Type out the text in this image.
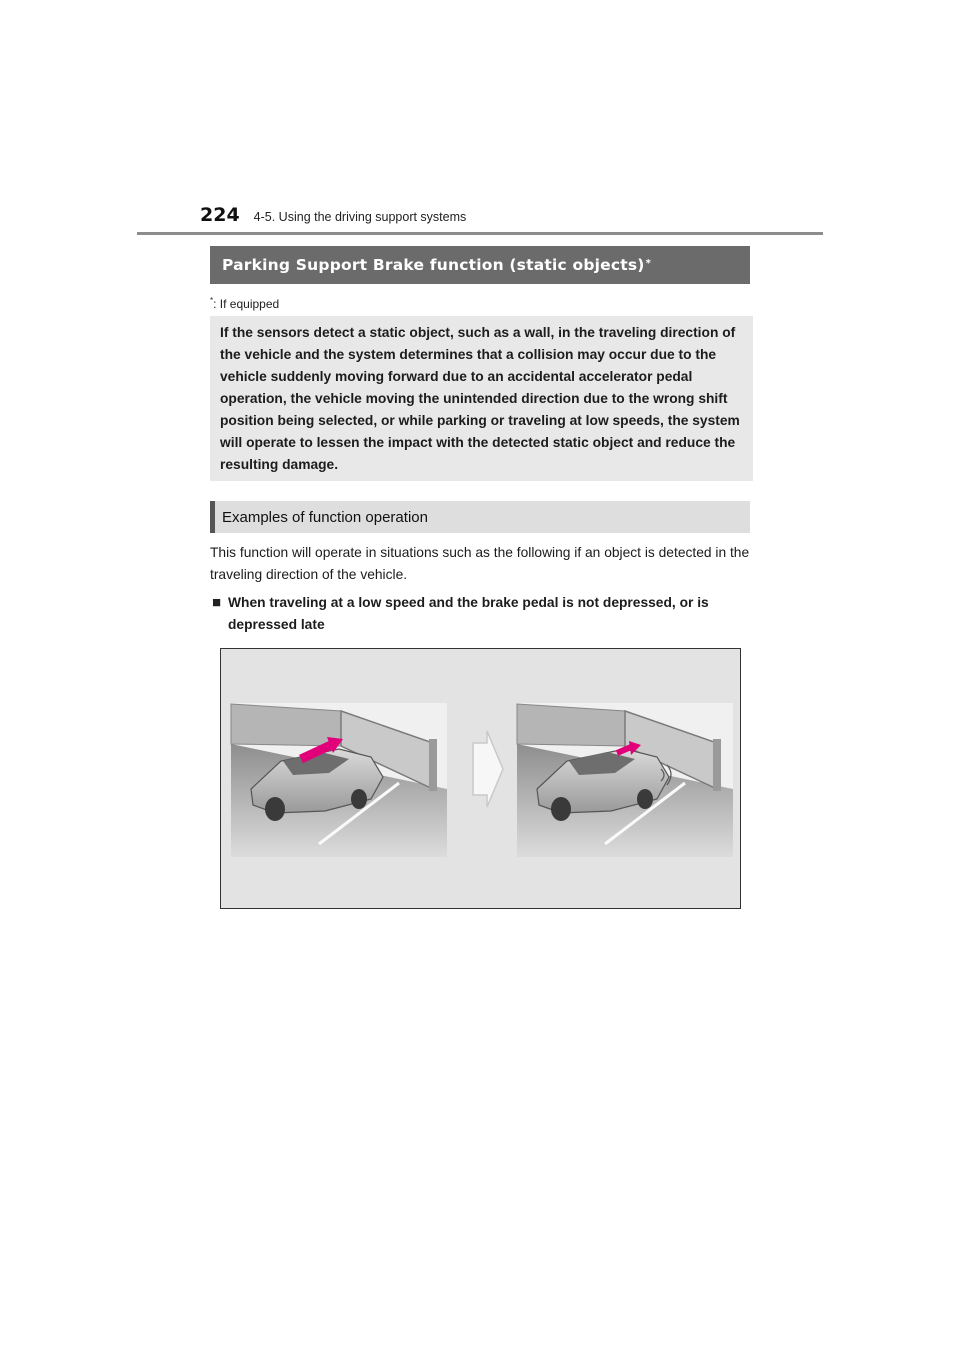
224 4-5. Using the driving support systems
Parking Support Brake function (static objects)*
*: If equipped

If the sensors detect a static object, such as a wall, in the traveling direction of the vehicle and the system determines that a collision may occur due to the vehicle suddenly moving forward due to an accidental accelerator pedal operation, the vehicle moving the unintended direction due to the wrong shift position being selected, or while parking or traveling at low speeds, the system will operate to lessen the impact with the detected static object and reduce the resulting damage.

Examples of function operation

This function will operate in situations such as the following if an object is detected in the traveling direction of the vehicle.

■ When traveling at a low speed and the brake pedal is not depressed, or is depressed late
